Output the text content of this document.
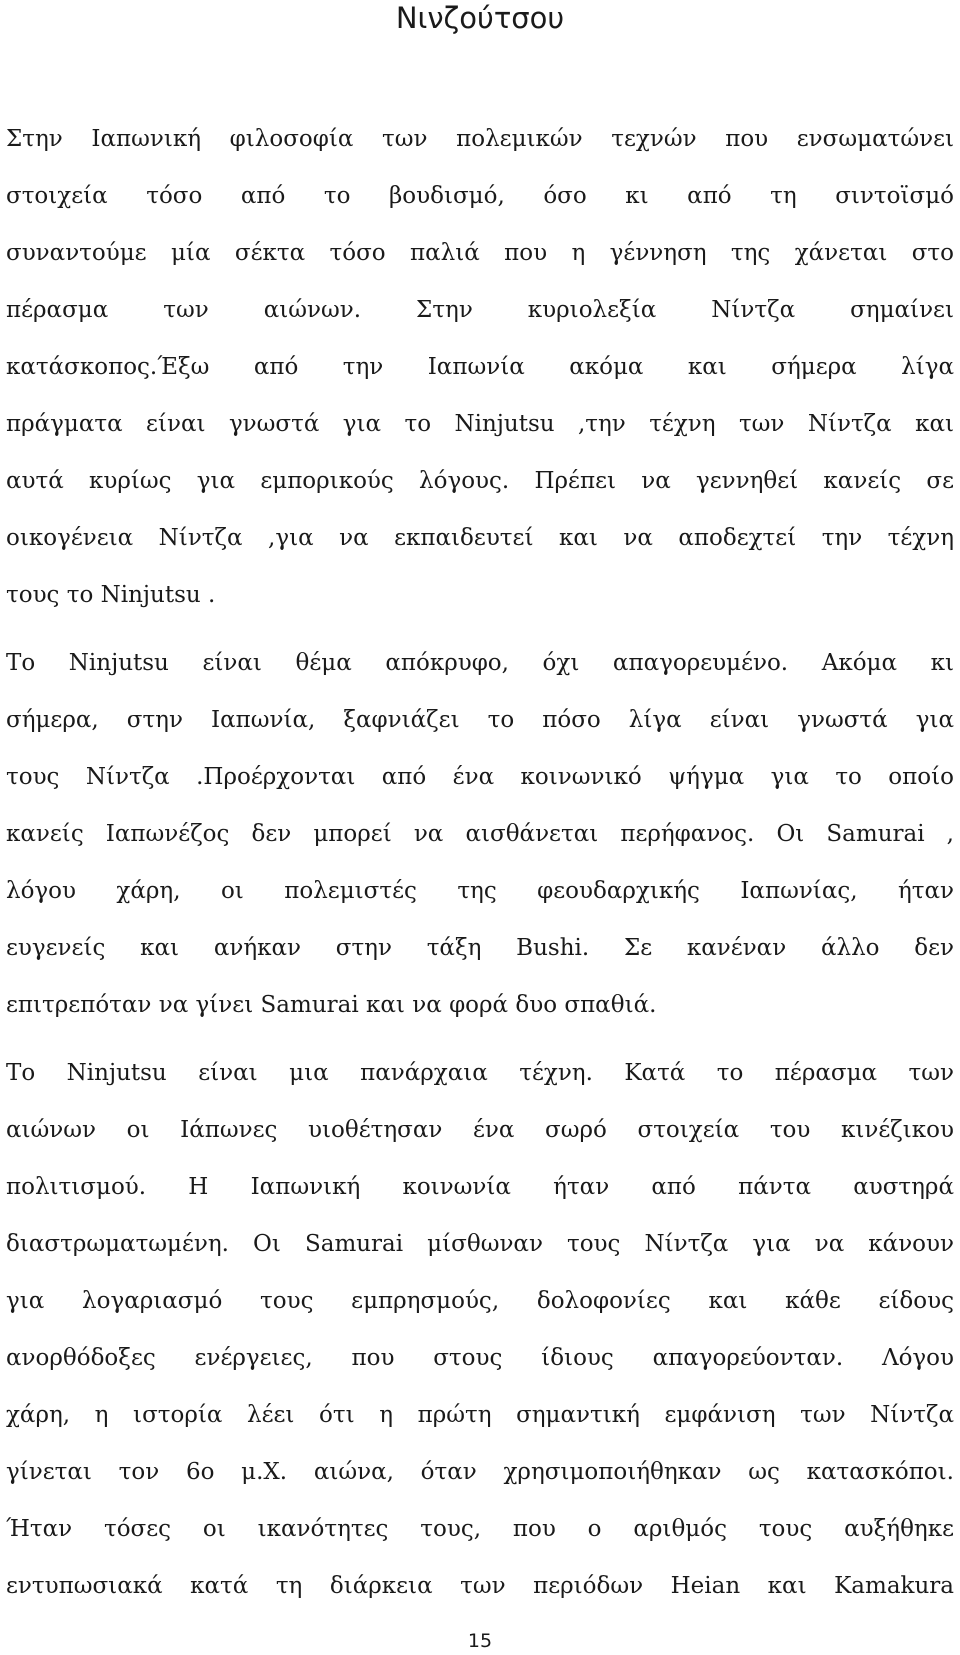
Νινζούτσου

Στην Ιαπωνική φιλοσοφία των πολεμικών τεχνών που ενσωματώνει
στοιχεία τόσο από το βουδισμό, όσο κι από τη σιντοϊσμό
συναντούμε μία σέκτα τόσο παλιά που η γέννηση της χάνεται στο
πέρασμα των αιώνων. Στην κυριολεξία Νίντζα σημαίνει
κατάσκοπος.Έξω από την Ιαπωνία ακόμα και σήμερα λίγα
πράγματα είναι γνωστά για το Ninjutsu ,την τέχνη των Νίντζα και
αυτά κυρίως για εμπορικούς λόγους. Πρέπει να γεννηθεί κανείς σε
οικογένεια Νίντζα ,για να εκπαιδευτεί και να αποδεχτεί την τέχνη
τους το Ninjutsu .

Το Ninjutsu είναι θέμα απόκρυφο, όχι απαγορευμένο. Ακόμα κι
σήμερα, στην Ιαπωνία, ξαφνιάζει το πόσο λίγα είναι γνωστά για
τους Νίντζα .Προέρχονται από ένα κοινωνικό ψήγμα για το οποίο
κανείς Ιαπωνέζος δεν μπορεί να αισθάνεται περήφανος. Οι Samurai ,
λόγου χάρη, οι πολεμιστές της φεουδαρχικής Ιαπωνίας, ήταν
ευγενείς και ανήκαν στην τάξη Bushi. Σε κανέναν άλλο δεν
επιτρεπόταν να γίνει Samurai και να φορά δυο σπαθιά.

Το Ninjutsu είναι μια πανάρχαια τέχνη. Κατά το πέρασμα των
αιώνων οι Ιάπωνες υιοθέτησαν ένα σωρό στοιχεία του κινέζικου
πολιτισμού. Η Ιαπωνική κοινωνία ήταν από πάντα αυστηρά
διαστρωματωμένη. Οι Samurai μίσθωναν τους Νίντζα για να κάνουν
για λογαριασμό τους εμπρησμούς, δολοφονίες και κάθε είδους
ανορθόδοξες ενέργειες, που στους ίδιους απαγορεύονταν. Λόγου
χάρη, η ιστορία λέει ότι η πρώτη σημαντική εμφάνιση των Νίντζα
γίνεται τον 6ο μ.Χ. αιώνα, όταν χρησιμοποιήθηκαν ως κατασκόποι.
Ήταν τόσες οι ικανότητες τους, που ο αριθμός τους αυξήθηκε
εντυπωσιακά κατά τη διάρκεια των περιόδων Heian και Kamakura

15
